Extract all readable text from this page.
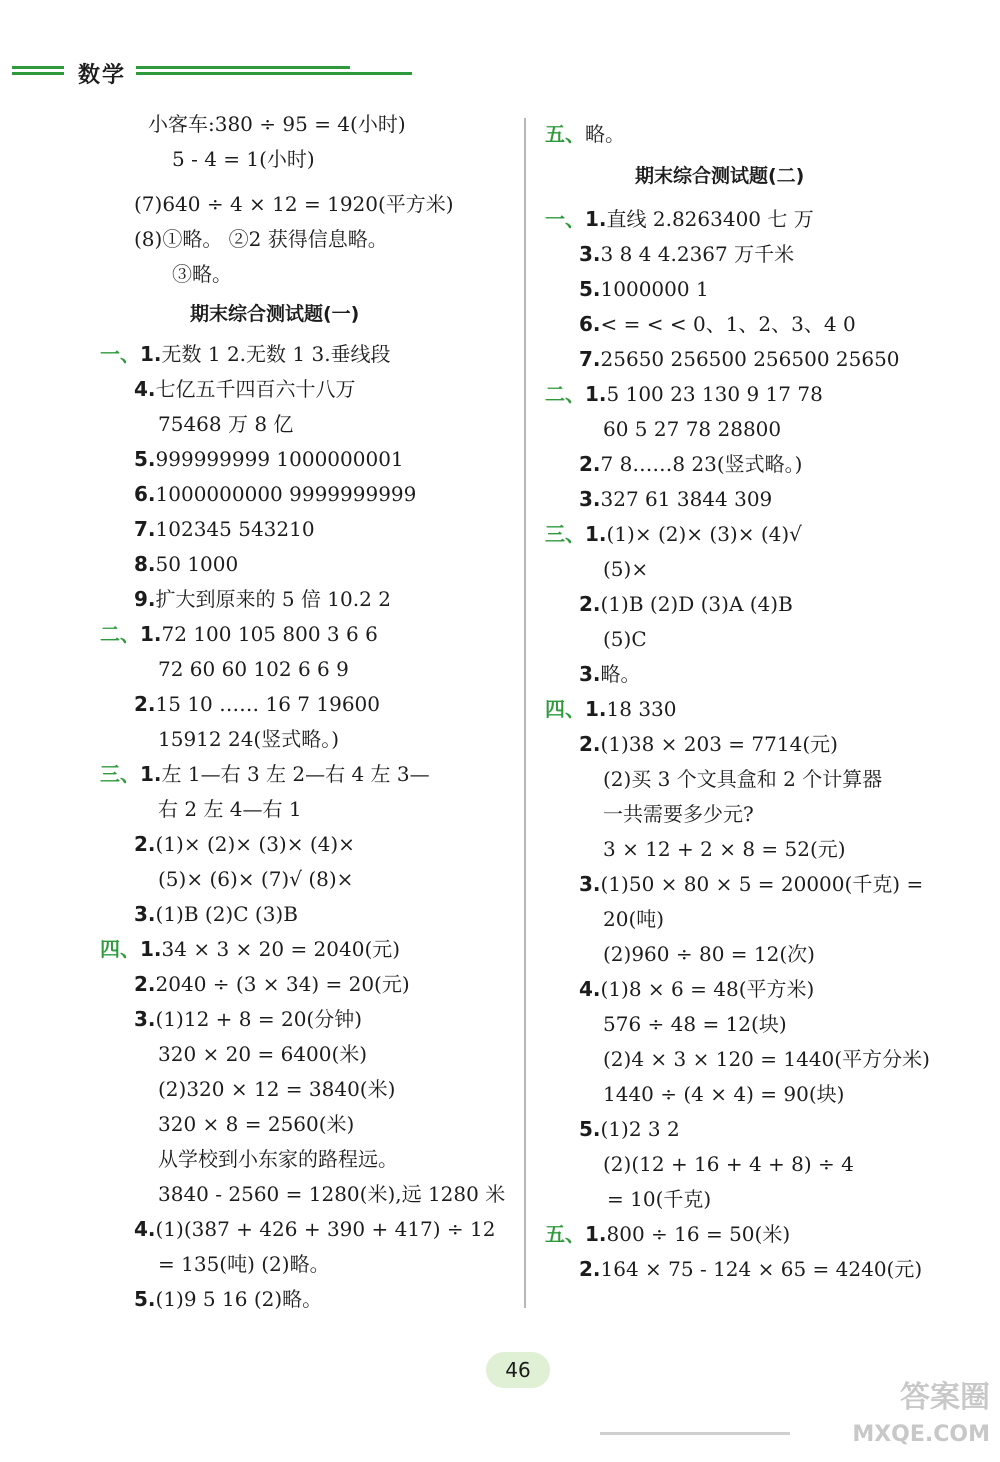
数学
期末综合测试题(一)
小客车:380 ÷ 95 = 4(小时)
5 - 4 = 1(小时)
(7)640 ÷ 4 × 12 = 1920(平方米)
(8)①略。 ②2 获得信息略。
③略。
一、1.无数 1 2.无数 1 3.垂线段
4.七亿五千四百六十八万
75468 万 8 亿
5.999999999 1000000001
6.1000000000 9999999999
7.102345 543210
8.50 1000
9.扩大到原来的 5 倍 10.2 2
二、1.72 100 105 800 3 6 6
72 60 60 102 6 6 9
2.15 10 …… 16 7 19600
15912 24(竖式略。)
三、1.左 1—右 3 左 2—右 4 左 3—
右 2 左 4—右 1
2.(1)× (2)× (3)× (4)×
(5)× (6)× (7)√ (8)×
3.(1)B (2)C (3)B
四、1.34 × 3 × 20 = 2040(元)
2.2040 ÷ (3 × 34) = 20(元)
3.(1)12 + 8 = 20(分钟)
320 × 20 = 6400(米)
(2)320 × 12 = 3840(米)
320 × 8 = 2560(米)
从学校到小东家的路程远。
3840 - 2560 = 1280(米),远 1280 米
4.(1)(387 + 426 + 390 + 417) ÷ 12
= 135(吨) (2)略。
5.(1)9 5 16 (2)略。
期末综合测试题(二)
五、略。
一、1.直线 2.8263400 七 万
3.3 8 4 4.2367 万千米
5.1000000 1
6.< = < < 0、1、2、3、4 0
7.25650 256500 256500 25650
二、1.5 100 23 130 9 17 78
60 5 27 78 28800
2.7 8……8 23(竖式略。)
3.327 61 3844 309
三、1.(1)× (2)× (3)× (4)√
(5)×
2.(1)B (2)D (3)A (4)B
(5)C
3.略。
四、1.18 330
2.(1)38 × 203 = 7714(元)
(2)买 3 个文具盒和 2 个计算器
一共需要多少元?
3 × 12 + 2 × 8 = 52(元)
3.(1)50 × 80 × 5 = 20000(千克) =
20(吨)
(2)960 ÷ 80 = 12(次)
4.(1)8 × 6 = 48(平方米)
576 ÷ 48 = 12(块)
(2)4 × 3 × 120 = 1440(平方分米)
1440 ÷ (4 × 4) = 90(块)
5.(1)2 3 2
(2)(12 + 16 + 4 + 8) ÷ 4
= 10(千克)
五、1.800 ÷ 16 = 50(米)
2.164 × 75 - 124 × 65 = 4240(元)
46
答案圈
MXQE.COM
